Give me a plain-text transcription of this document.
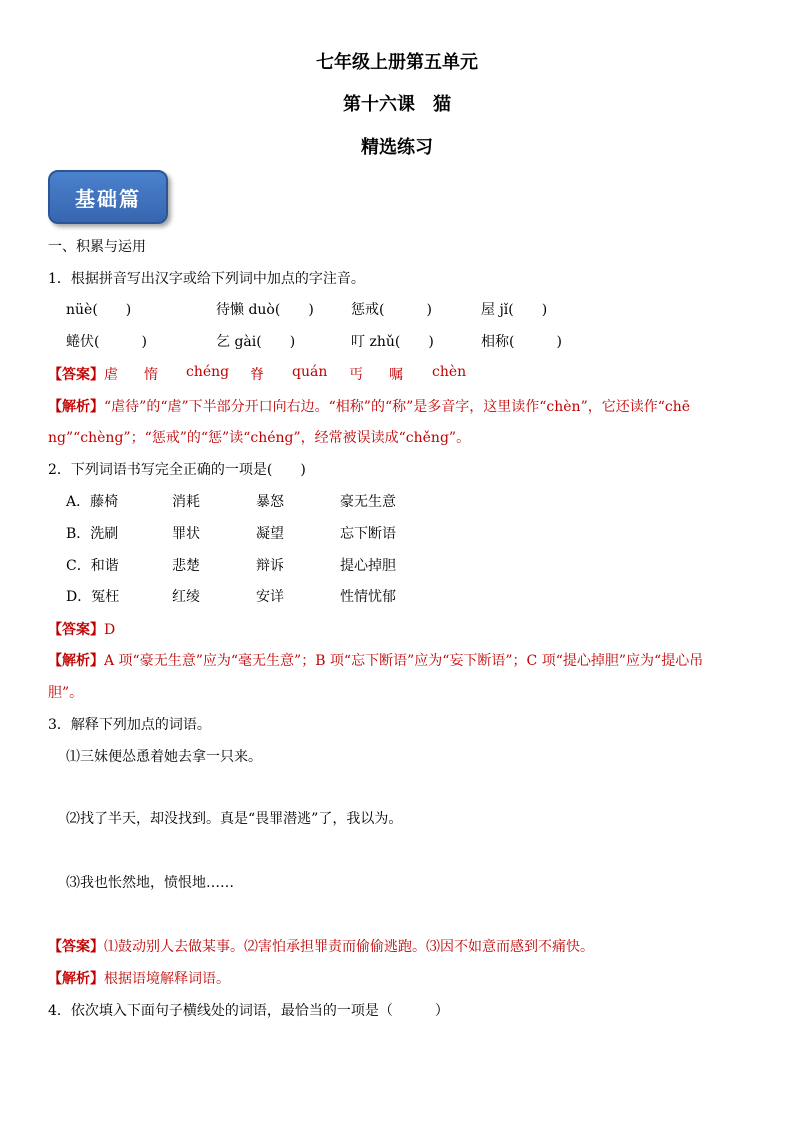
七年级上册第五单元
第十六课　猫
精选练习
基础篇
一、积累与运用
1．根据拼音写出汉字或给下列词中加点的字注音。
nüè(　　)	待懒 duò(　　)	惩戒(　　　)	屋 jǐ(　　)
蜷伏(　　　)	乞 gài(　　)	叮 zhǔ(　　)	相称(　　　)
【答案】 虐 惰 chéng 脊 quán 丐 嘱 chèn
【解析】“虐待”的“虐”下半部分开口向右边。“相称”的“称”是多音字，这里读作“chèn”，它还读作“chē
ng”“chèng”；“惩戒”的“惩”读“chéng”，经常被误读成“chěng”。
2．下列词语书写完全正确的一项是(　　)
A．藤椅	消耗	暴怒	豪无生意
B．洗刷	罪状	凝望	忘下断语
C．和谐	悲楚	辩诉	提心掉胆
D．冤枉	红绫	安详	性情忧郁
【答案】D
【解析】A 项“豪无生意”应为“毫无生意”；B 项“忘下断语”应为“妄下断语”；C 项“提心掉胆”应为“提心吊
胆”。
3．解释下列加点的词语。
⑴三妹便怂恿着她去拿一只来。
⑵找了半天，却没找到。真是“畏罪潜逃”了，我以为。
⑶我也怅然地，愤恨地……
【答案】⑴鼓动别人去做某事。⑵害怕承担罪责而偷偷逃跑。⑶因不如意而感到不痛快。
【解析】根据语境解释词语。
4．依次填入下面句子横线处的词语，最恰当的一项是（　　　）
